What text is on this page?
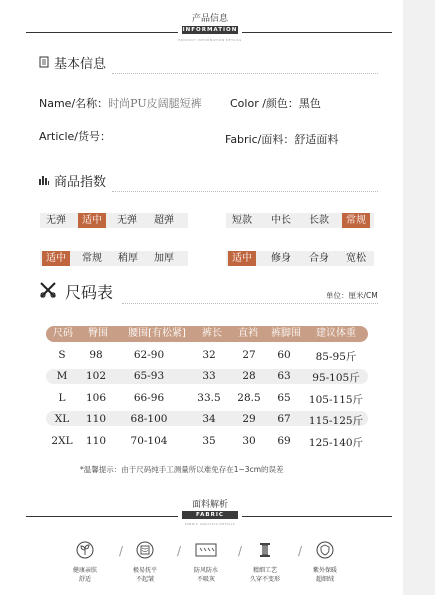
产品信息
INFORMATION
PRODUCT INFORMATION DETAILS
基本信息
Name/名称：时尚PU皮阔腿短裤	Color /颜色：黑色
Article/货号：	Fabric/面料：舒适面料
商品指数
无弹	适中	无弹	超弹	短款	中长	长款	常规
适中	常规	稍厚	加厚	适中	修身	合身	宽松
尺码表	单位：厘米/CM
尺码	臀围	腰围[有松紧]	裤长	直裆	裤脚围	建议体重
S	98	62-90	32	27	60	85-95斤
M	102	65-93	33	28	63	95-105斤
L	106	66-96	33.5	28.5	65	105-115斤
XL	110	68-100	34	29	67	115-125斤
2XL	110	70-104	35	30	69	125-140斤
*温馨提示：由于尺码纯手工测量所以难免存在1~3cm的误差
面料解析
FABRIC
FABRIC ANALYSIS DETAILS
健康亲肤
舒适
/
极易抚平
不起皱
/
防风防水
不吸灰
/
精细工艺
久穿不变形
/
紫外保暖
超细绒
